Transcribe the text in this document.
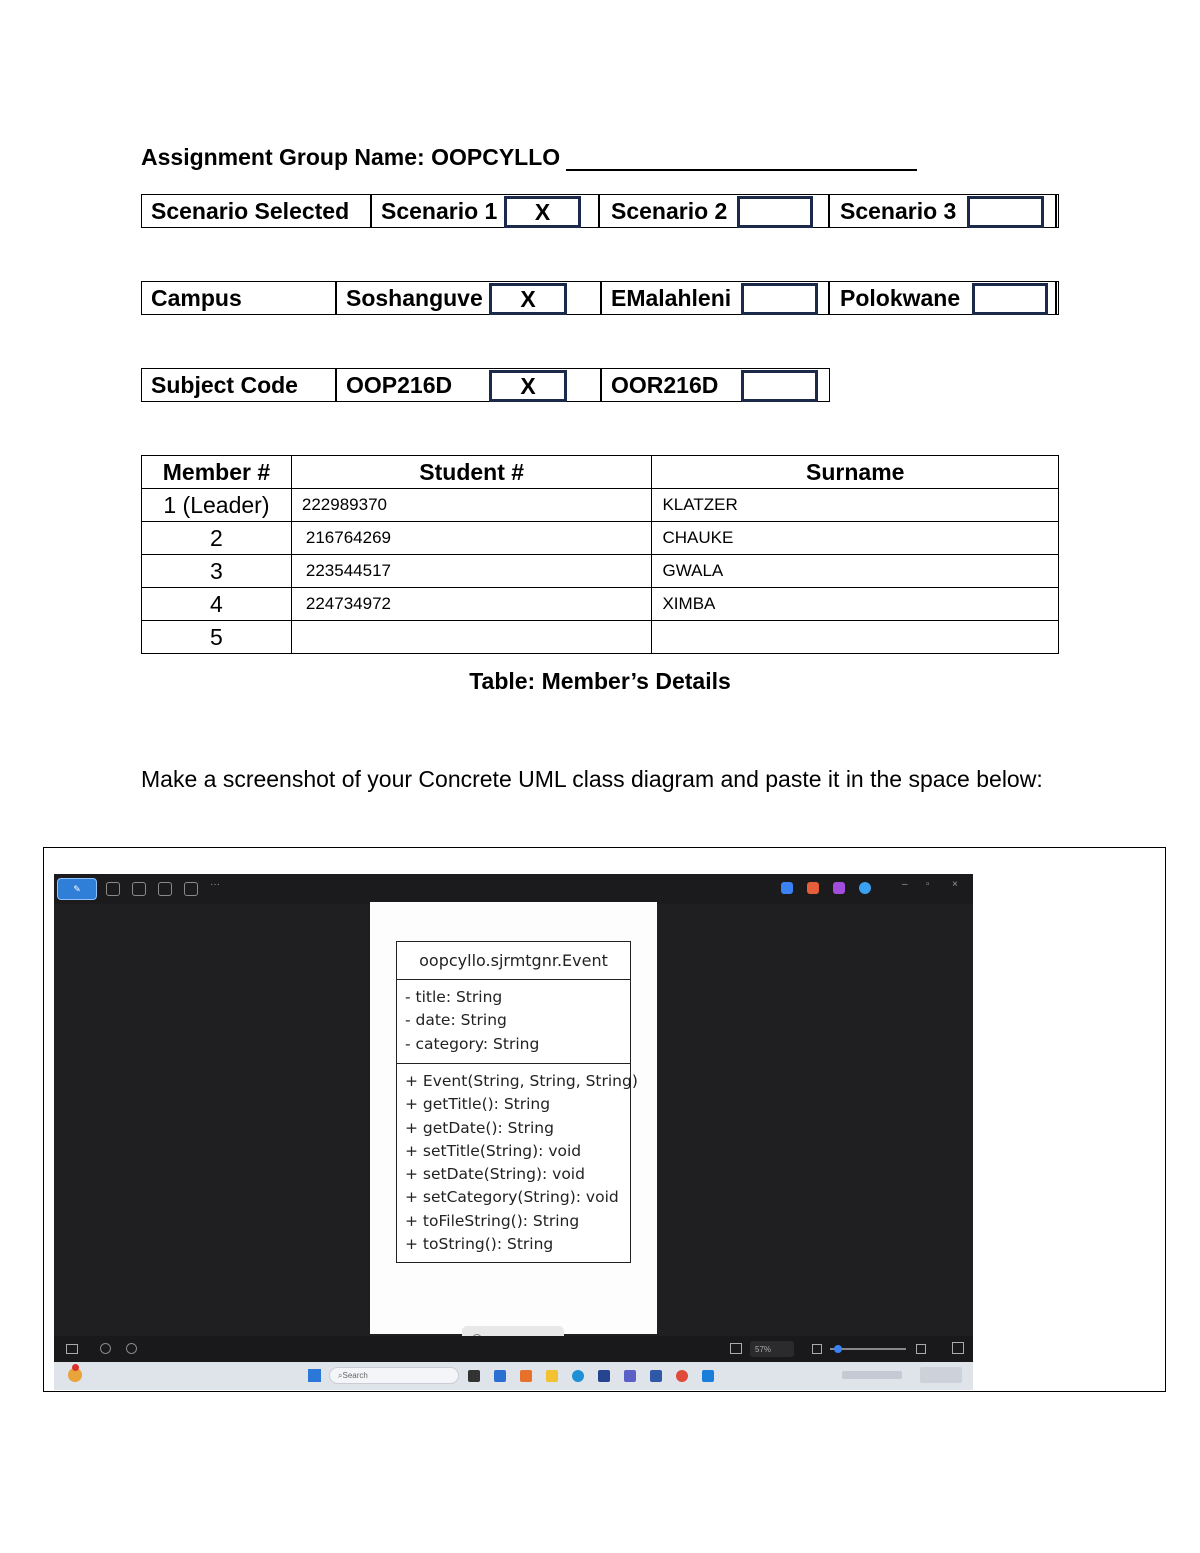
Assignment Group Name: OOPCYLLO
Scenario Selected	Scenario 1	X	Scenario 2	Scenario 3
Campus	Soshanguve	X	EMalahleni	Polokwane
Subject Code	OOP216D	X	OOR216D
Member #	Student #	Surname
1 (Leader)	222989370	KLATZER
2	216764269	CHAUKE
3	223544517	GWALA
4	224734972	XIMBA
5		
Table: Member’s Details
Make a screenshot of your Concrete UML class diagram and paste it in the space below:
✎	···	–	▫	×
oopcyllo.sjrmtgnr.Event
- title: String
- date: String
- category: String
+ Event(String, String, String)
+ getTitle(): String
+ getDate(): String
+ setTitle(String): void
+ setDate(String): void
+ setCategory(String): void
+ toFileString(): String
+ toString(): String
57%
⌕ Search
